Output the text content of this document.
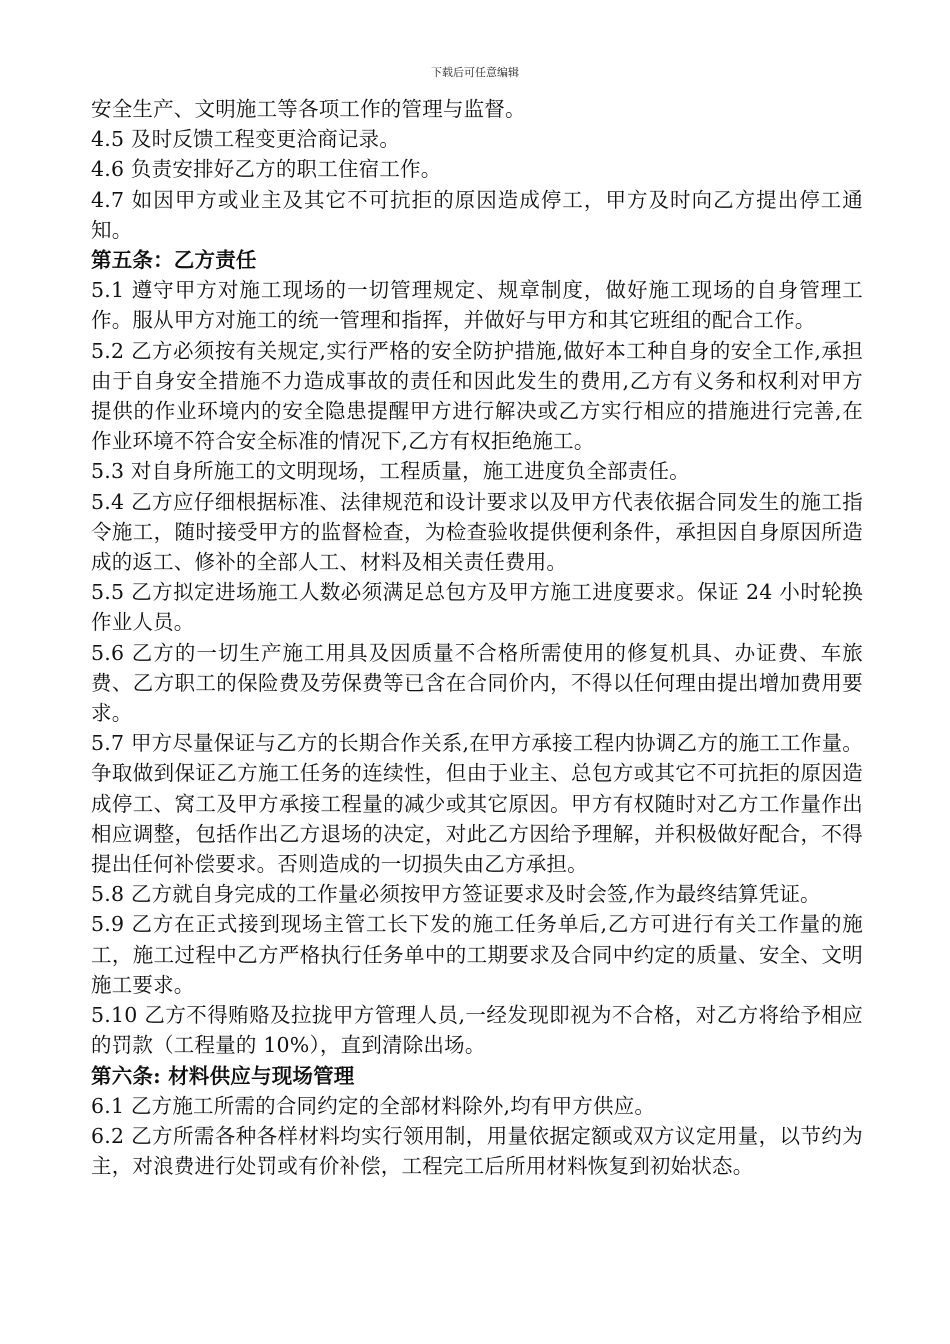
下载后可任意编辑

安全生产、文明施工等各项工作的管理与监督。

4.5 及时反馈工程变更洽商记录。

4.6 负责安排好乙方的职工住宿工作。

4.7 如因甲方或业主及其它不可抗拒的原因造成停工，甲方及时向乙方提出停工通知。

第五条：乙方责任

5.1 遵守甲方对施工现场的一切管理规定、规章制度，做好施工现场的自身管理工作。服从甲方对施工的统一管理和指挥，并做好与甲方和其它班组的配合工作。

5.2 乙方必须按有关规定,实行严格的安全防护措施,做好本工种自身的安全工作,承担由于自身安全措施不力造成事故的责任和因此发生的费用,乙方有义务和权利对甲方提供的作业环境内的安全隐患提醒甲方进行解决或乙方实行相应的措施进行完善,在作业环境不符合安全标准的情况下,乙方有权拒绝施工。

5.3 对自身所施工的文明现场，工程质量，施工进度负全部责任。

5.4 乙方应仔细根据标准、法律规范和设计要求以及甲方代表依据合同发生的施工指令施工，随时接受甲方的监督检查，为检查验收提供便利条件，承担因自身原因所造成的返工、修补的全部人工、材料及相关责任费用。

5.5 乙方拟定进场施工人数必须满足总包方及甲方施工进度要求。保证 24 小时轮换作业人员。

5.6 乙方的一切生产施工用具及因质量不合格所需使用的修复机具、办证费、车旅费、乙方职工的保险费及劳保费等已含在合同价内，不得以任何理由提出增加费用要求。

5.7 甲方尽量保证与乙方的长期合作关系,在甲方承接工程内协调乙方的施工工作量。争取做到保证乙方施工任务的连续性，但由于业主、总包方或其它不可抗拒的原因造成停工、窝工及甲方承接工程量的减少或其它原因。甲方有权随时对乙方工作量作出相应调整，包括作出乙方退场的决定，对此乙方因给予理解，并积极做好配合，不得提出任何补偿要求。否则造成的一切损失由乙方承担。

5.8 乙方就自身完成的工作量必须按甲方签证要求及时会签,作为最终结算凭证。

5.9 乙方在正式接到现场主管工长下发的施工任务单后,乙方可进行有关工作量的施工，施工过程中乙方严格执行任务单中的工期要求及合同中约定的质量、安全、文明施工要求。

5.10 乙方不得贿赂及拉拢甲方管理人员,一经发现即视为不合格，对乙方将给予相应的罚款（工程量的 10%），直到清除出场。

第六条: 材料供应与现场管理

6.1 乙方施工所需的合同约定的全部材料除外,均有甲方供应。

6.2 乙方所需各种各样材料均实行领用制，用量依据定额或双方议定用量，以节约为主，对浪费进行处罚或有价补偿，工程完工后所用材料恢复到初始状态。
